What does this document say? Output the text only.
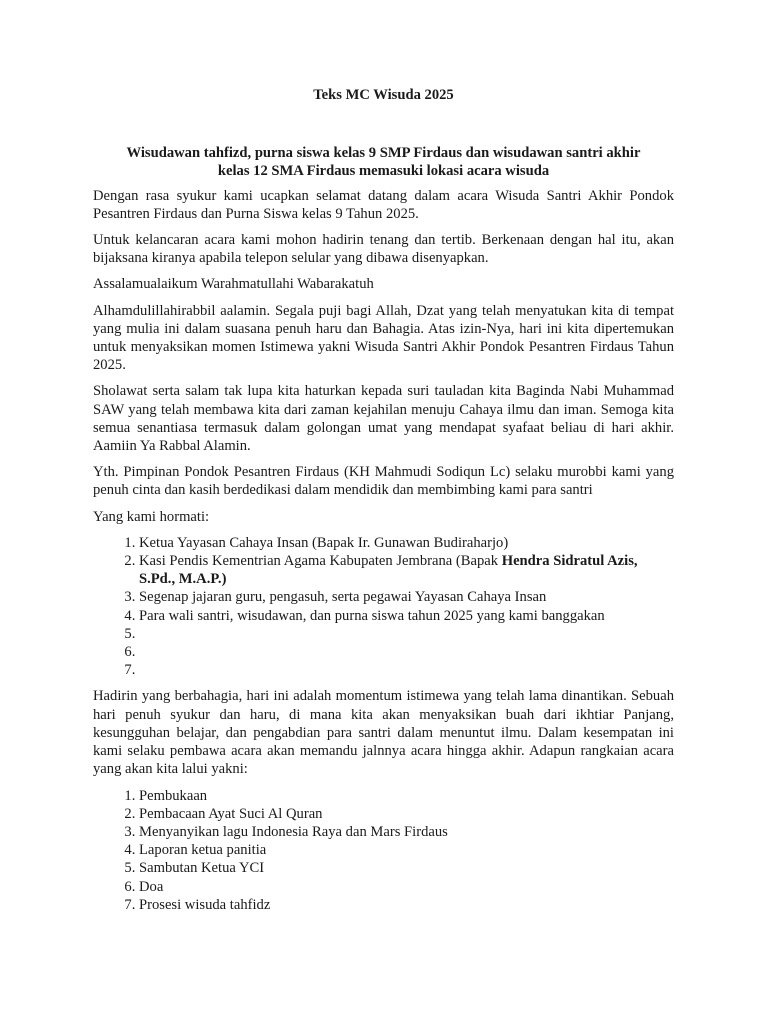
Teks MC Wisuda 2025
Wisudawan tahfizd, purna siswa kelas 9 SMP Firdaus dan wisudawan santri akhir
kelas 12 SMA Firdaus memasuki lokasi acara wisuda

Dengan rasa syukur kami ucapkan selamat datang dalam acara Wisuda Santri Akhir Pondok Pesantren Firdaus dan Purna Siswa kelas 9 Tahun 2025.

Untuk kelancaran acara kami mohon hadirin tenang dan tertib. Berkenaan dengan hal itu, akan bijaksana kiranya apabila telepon selular yang dibawa disenyapkan.

Assalamualaikum Warahmatullahi Wabarakatuh

Alhamdulillahirabbil aalamin. Segala puji bagi Allah, Dzat yang telah menyatukan kita di tempat yang mulia ini dalam suasana penuh haru dan Bahagia. Atas izin-Nya, hari ini kita dipertemukan untuk menyaksikan momen Istimewa yakni Wisuda Santri Akhir Pondok Pesantren Firdaus Tahun 2025.

Sholawat serta salam tak lupa kita haturkan kepada suri tauladan kita Baginda Nabi Muhammad SAW yang telah membawa kita dari zaman kejahilan menuju Cahaya ilmu dan iman. Semoga kita semua senantiasa termasuk dalam golongan umat yang mendapat syafaat beliau di hari akhir. Aamiin Ya Rabbal Alamin.

Yth. Pimpinan Pondok Pesantren Firdaus (KH Mahmudi Sodiqun Lc) selaku murobbi kami yang penuh cinta dan kasih berdedikasi dalam mendidik dan membimbing kami para santri

Yang kami hormati:

1. Ketua Yayasan Cahaya Insan (Bapak Ir. Gunawan Budiraharjo)
2. Kasi Pendis Kementrian Agama Kabupaten Jembrana (Bapak Hendra Sidratul Azis, S.Pd., M.A.P.)
3. Segenap jajaran guru, pengasuh, serta pegawai Yayasan Cahaya Insan
4. Para wali santri, wisudawan, dan purna siswa tahun 2025 yang kami banggakan
5.
6.
7.

Hadirin yang berbahagia, hari ini adalah momentum istimewa yang telah lama dinantikan. Sebuah hari penuh syukur dan haru, di mana kita akan menyaksikan buah dari ikhtiar Panjang, kesungguhan belajar, dan pengabdian para santri dalam menuntut ilmu. Dalam kesempatan ini kami selaku pembawa acara akan memandu jalnnya acara hingga akhir. Adapun rangkaian acara yang akan kita lalui yakni:

1. Pembukaan
2. Pembacaan Ayat Suci Al Quran
3. Menyanyikan lagu Indonesia Raya dan Mars Firdaus
4. Laporan ketua panitia
5. Sambutan Ketua YCI
6. Doa
7. Prosesi wisuda tahfidz
